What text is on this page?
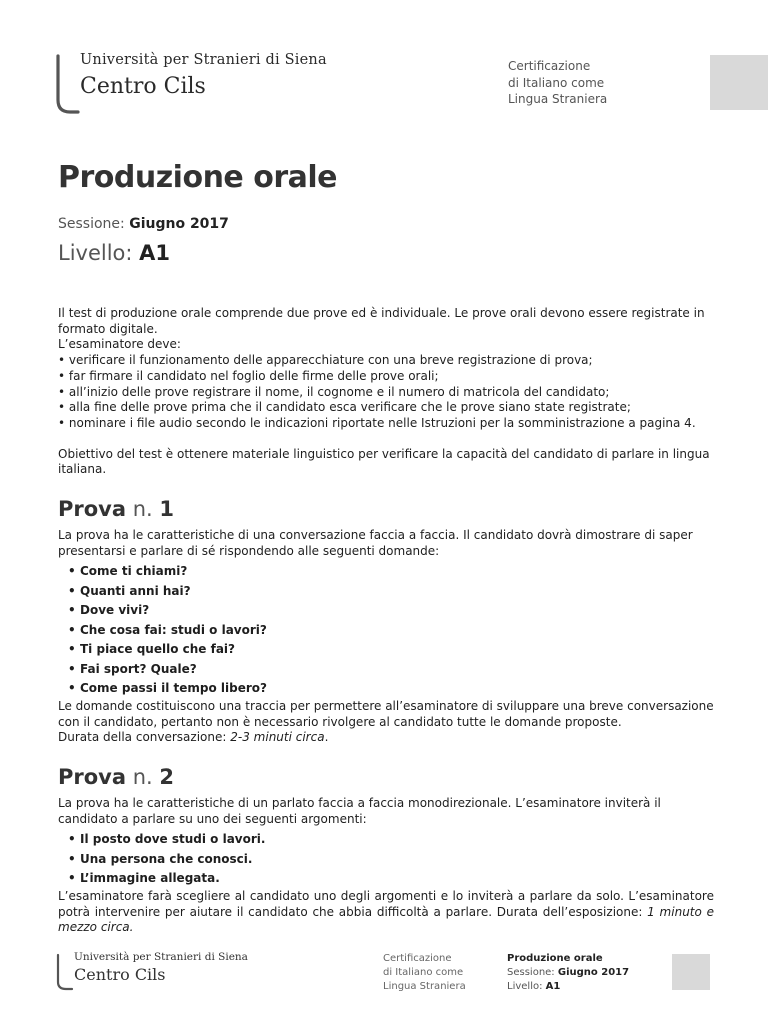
Università per Stranieri di Siena
Centro Cils
Certificazione
di Italiano come
Lingua Straniera
Produzione orale
Sessione: Giugno 2017
Livello: A1

Il test di produzione orale comprende due prove ed è individuale. Le prove orali devono essere registrate in formato digitale.

L’esaminatore deve:

• verificare il funzionamento delle apparecchiature con una breve registrazione di prova;
• far firmare il candidato nel foglio delle firme delle prove orali;
• all’inizio delle prove registrare il nome, il cognome e il numero di matricola del candidato;
• alla fine delle prove prima che il candidato esca verificare che le prove siano state registrate;
• nominare i file audio secondo le indicazioni riportate nelle Istruzioni per la somministrazione a pagina 4.

Obiettivo del test è ottenere materiale linguistico per verificare la capacità del candidato di parlare in lingua italiana.

Prova n. 1

La prova ha le caratteristiche di una conversazione faccia a faccia. Il candidato dovrà dimostrare di saper presentarsi e parlare di sé rispondendo alle seguenti domande:

• Come ti chiami?
• Quanti anni hai?
• Dove vivi?
• Che cosa fai: studi o lavori?
• Ti piace quello che fai?
• Fai sport? Quale?
• Come passi il tempo libero?

Le domande costituiscono una traccia per permettere all’esaminatore di sviluppare una breve conversazione con il candidato, pertanto non è necessario rivolgere al candidato tutte le domande proposte.

Durata della conversazione: 2-3 minuti circa.

Prova n. 2

La prova ha le caratteristiche di un parlato faccia a faccia monodirezionale. L’esaminatore inviterà il candidato a parlare su uno dei seguenti argomenti:

• Il posto dove studi o lavori.
• Una persona che conosci.
• L’immagine allegata.

L’esaminatore farà scegliere al candidato uno degli argomenti e lo inviterà a parlare da solo. L’esaminatore potrà intervenire per aiutare il candidato che abbia difficoltà a parlare. Durata dell’esposizione: 1 minuto e mezzo circa.

Università per Stranieri di Siena
Centro Cils
Certificazione
di Italiano come
Lingua Straniera
Produzione orale
Sessione: Giugno 2017
Livello: A1
